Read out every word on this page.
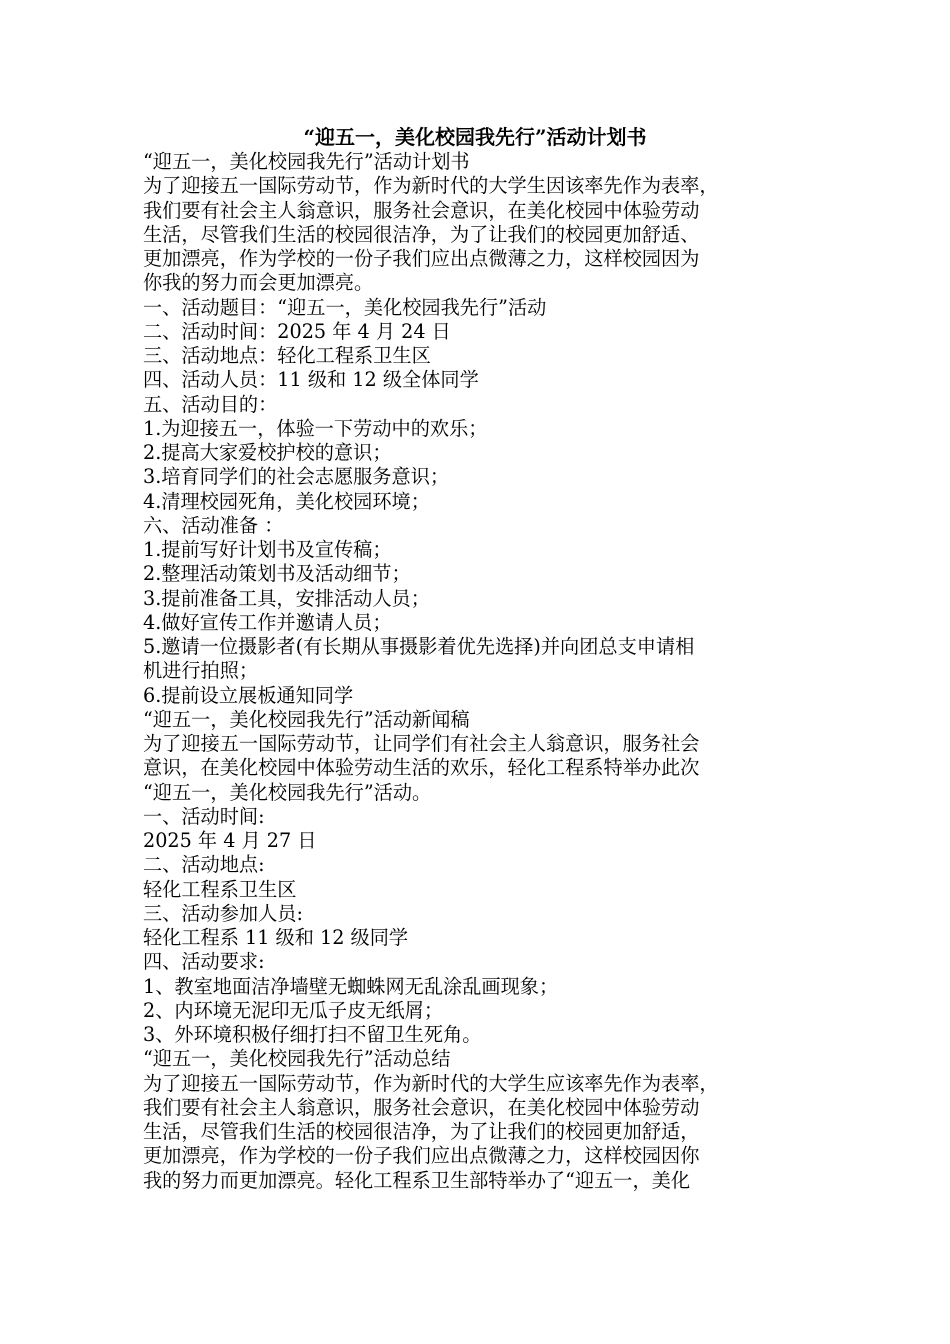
“迎五一，美化校园我先行”活动计划书
“迎五一，美化校园我先行”活动计划书
为了迎接五一国际劳动节，作为新时代的大学生因该率先作为表率，
我们要有社会主人翁意识，服务社会意识，在美化校园中体验劳动
生活，尽管我们生活的校园很洁净，为了让我们的校园更加舒适、
更加漂亮，作为学校的一份子我们应出点微薄之力，这样校园因为
你我的努力而会更加漂亮。
一、活动题目：“迎五一，美化校园我先行”活动
二、活动时间：2025 年 4 月 24 日
三、活动地点：轻化工程系卫生区
四、活动人员：11 级和 12 级全体同学
五、活动目的：
1.为迎接五一，体验一下劳动中的欢乐；
2.提高大家爱校护校的意识；
3.培育同学们的社会志愿服务意识；
4.清理校园死角，美化校园环境；
六、活动准备 ：
1.提前写好计划书及宣传稿；
2.整理活动策划书及活动细节；
3.提前准备工具，安排活动人员；
4.做好宣传工作并邀请人员；
5.邀请一位摄影者(有长期从事摄影着优先选择)并向团总支申请相
机进行拍照；
6.提前设立展板通知同学
“迎五一，美化校园我先行”活动新闻稿
为了迎接五一国际劳动节，让同学们有社会主人翁意识，服务社会
意识，在美化校园中体验劳动生活的欢乐，轻化工程系特举办此次
“迎五一，美化校园我先行”活动。
一、活动时间:
2025 年 4 月 27 日
二、活动地点:
轻化工程系卫生区
三、活动参加人员:
轻化工程系 11 级和 12 级同学
四、活动要求:
1、教室地面洁净墙壁无蜘蛛网无乱涂乱画现象；
2、内环境无泥印无瓜子皮无纸屑；
3、外环境积极仔细打扫不留卫生死角。
“迎五一，美化校园我先行”活动总结
为了迎接五一国际劳动节，作为新时代的大学生应该率先作为表率，
我们要有社会主人翁意识，服务社会意识，在美化校园中体验劳动
生活，尽管我们生活的校园很洁净，为了让我们的校园更加舒适，
更加漂亮，作为学校的一份子我们应出点微薄之力，这样校园因你
我的努力而更加漂亮。轻化工程系卫生部特举办了“迎五一，美化
